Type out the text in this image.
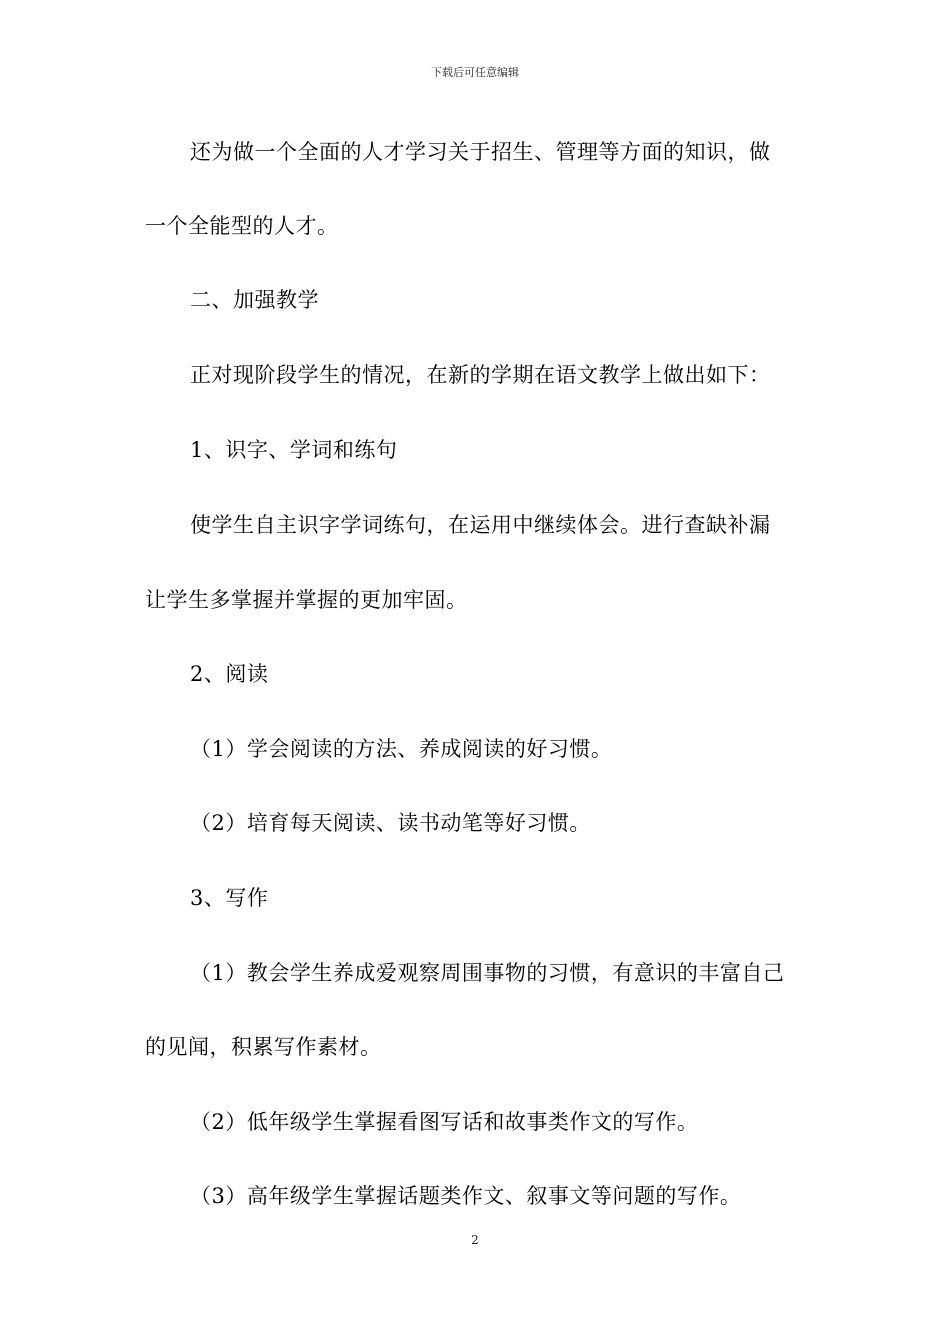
下载后可任意编辑
还为做一个全面的人才学习关于招生、管理等方面的知识，做
一个全能型的人才。
二、加强教学
正对现阶段学生的情况，在新的学期在语文教学上做出如下：
1、识字、学词和练句
使学生自主识字学词练句，在运用中继续体会。进行查缺补漏
让学生多掌握并掌握的更加牢固。
2、阅读
（1）学会阅读的方法、养成阅读的好习惯。
（2）培育每天阅读、读书动笔等好习惯。
3、写作
（1）教会学生养成爱观察周围事物的习惯，有意识的丰富自己
的见闻，积累写作素材。
（2）低年级学生掌握看图写话和故事类作文的写作。
（3）高年级学生掌握话题类作文、叙事文等问题的写作。
2
